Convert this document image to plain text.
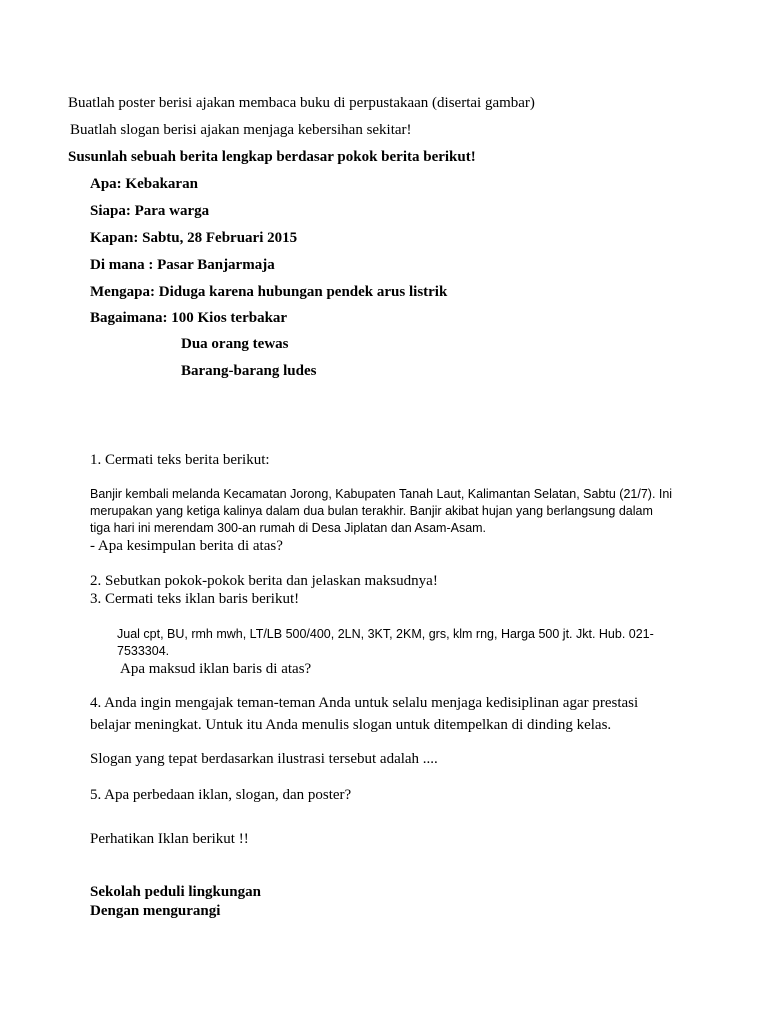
Buatlah poster berisi ajakan membaca buku di perpustakaan (disertai gambar)
Buatlah slogan berisi ajakan menjaga kebersihan sekitar!
Susunlah sebuah berita lengkap berdasar pokok berita berikut!
Apa: Kebakaran
Siapa: Para warga
Kapan: Sabtu, 28 Februari 2015
Di mana : Pasar Banjarmaja
Mengapa: Diduga karena hubungan pendek arus listrik
Bagaimana: 100 Kios terbakar
Dua orang tewas
Barang-barang ludes
1. Cermati teks berita berikut:
Banjir kembali melanda Kecamatan Jorong, Kabupaten Tanah Laut, Kalimantan Selatan, Sabtu (21/7). Ini
merupakan yang ketiga kalinya dalam dua bulan terakhir. Banjir akibat hujan yang berlangsung dalam
tiga hari ini merendam 300-an rumah di Desa Jiplatan dan Asam-Asam.
- Apa kesimpulan berita di atas?
2. Sebutkan pokok-pokok berita dan jelaskan maksudnya!
3. Cermati teks iklan baris berikut!
Jual cpt, BU, rmh mwh, LT/LB 500/400, 2LN, 3KT, 2KM, grs, klm rng, Harga 500 jt. Jkt. Hub. 021-
7533304.
Apa maksud iklan baris di atas?
4. Anda ingin mengajak teman-teman Anda untuk selalu menjaga kedisiplinan agar prestasi belajar meningkat. Untuk itu Anda menulis slogan untuk ditempelkan di dinding kelas.
Slogan yang tepat berdasarkan ilustrasi tersebut adalah ....
5. Apa perbedaan iklan, slogan, dan poster?
Perhatikan Iklan berikut !!
Sekolah peduli lingkungan
Dengan mengurangi
